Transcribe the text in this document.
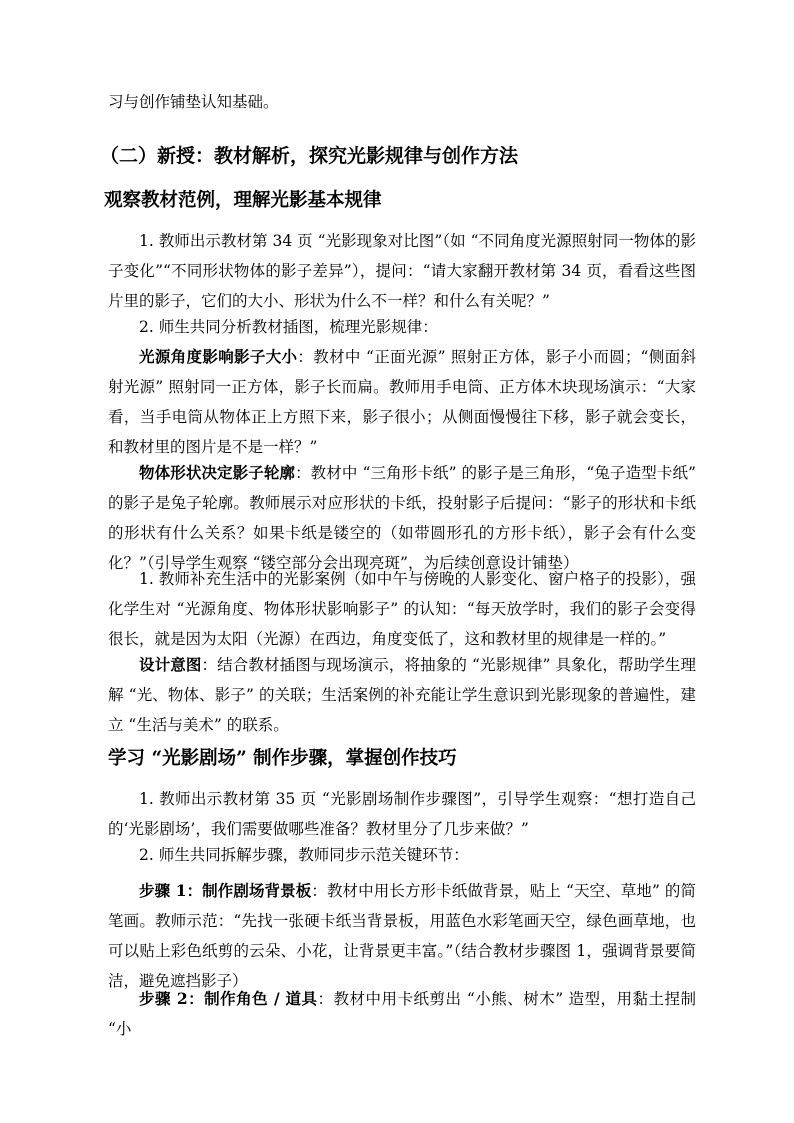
习与创作铺垫认知基础。

（二）新授：教材解析，探究光影规律与创作方法
观察教材范例，理解光影基本规律

1. 教师出示教材第 34 页 “光影现象对比图”（如 “不同角度光源照射同一物体的影子变化”“不同形状物体的影子差异”），提问：“请大家翻开教材第 34 页，看看这些图片里的影子，它们的大小、形状为什么不一样？和什么有关呢？”

2. 师生共同分析教材插图，梳理光影规律：

光源角度影响影子大小：教材中 “正面光源” 照射正方体，影子小而圆；“侧面斜射光源” 照射同一正方体，影子长而扁。教师用手电筒、正方体木块现场演示：“大家看，当手电筒从物体正上方照下来，影子很小；从侧面慢慢往下移，影子就会变长，和教材里的图片是不是一样？”

物体形状决定影子轮廓：教材中 “三角形卡纸” 的影子是三角形，“兔子造型卡纸” 的影子是兔子轮廓。教师展示对应形状的卡纸，投射影子后提问：“影子的形状和卡纸的形状有什么关系？如果卡纸是镂空的（如带圆形孔的方形卡纸），影子会有什么变化？”（引导学生观察 “镂空部分会出现亮斑”，为后续创意设计铺垫）

1. 教师补充生活中的光影案例（如中午与傍晚的人影变化、窗户格子的投影），强化学生对 “光源角度、物体形状影响影子” 的认知：“每天放学时，我们的影子会变得很长，就是因为太阳（光源）在西边，角度变低了，这和教材里的规律是一样的。”

设计意图：结合教材插图与现场演示，将抽象的 “光影规律” 具象化，帮助学生理解 “光、物体、影子” 的关联；生活案例的补充能让学生意识到光影现象的普遍性，建立 “生活与美术” 的联系。

学习 “光影剧场” 制作步骤，掌握创作技巧

1. 教师出示教材第 35 页 “光影剧场制作步骤图”，引导学生观察：“想打造自己的‘光影剧场’，我们需要做哪些准备？教材里分了几步来做？”

2. 师生共同拆解步骤，教师同步示范关键环节：

步骤 1：制作剧场背景板：教材中用长方形卡纸做背景，贴上 “天空、草地” 的简笔画。教师示范：“先找一张硬卡纸当背景板，用蓝色水彩笔画天空，绿色画草地，也可以贴上彩色纸剪的云朵、小花，让背景更丰富。”（结合教材步骤图 1，强调背景要简洁，避免遮挡影子）

步骤 2：制作角色 / 道具：教材中用卡纸剪出 “小熊、树木” 造型，用黏土捏制 “小
